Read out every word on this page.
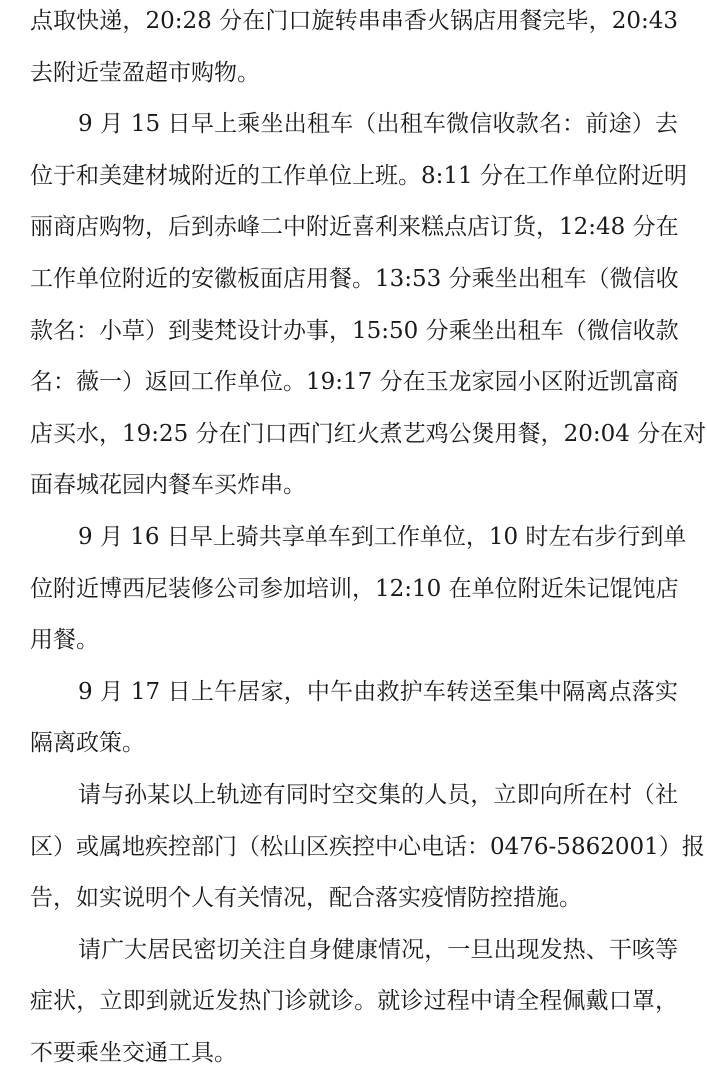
点取快递，20:28 分在门口旋转串串香火锅店用餐完毕，20:43
去附近莹盈超市购物。
9 月 15 日早上乘坐出租车（出租车微信收款名：前途）去
位于和美建材城附近的工作单位上班。8:11 分在工作单位附近明
丽商店购物，后到赤峰二中附近喜利来糕点店订货，12:48 分在
工作单位附近的安徽板面店用餐。13:53 分乘坐出租车（微信收
款名：小草）到斐梵设计办事，15:50 分乘坐出租车（微信收款
名：薇一）返回工作单位。19:17 分在玉龙家园小区附近凯富商
店买水，19:25 分在门口西门红火煮艺鸡公煲用餐，20:04 分在对
面春城花园内餐车买炸串。
9 月 16 日早上骑共享单车到工作单位，10 时左右步行到单
位附近博西尼装修公司参加培训，12:10 在单位附近朱记馄饨店
用餐。
9 月 17 日上午居家，中午由救护车转送至集中隔离点落实
隔离政策。
请与孙某以上轨迹有同时空交集的人员，立即向所在村（社
区）或属地疾控部门（松山区疾控中心电话：0476-5862001）报
告，如实说明个人有关情况，配合落实疫情防控措施。
请广大居民密切关注自身健康情况，一旦出现发热、干咳等
症状，立即到就近发热门诊就诊。就诊过程中请全程佩戴口罩，
不要乘坐交通工具。
